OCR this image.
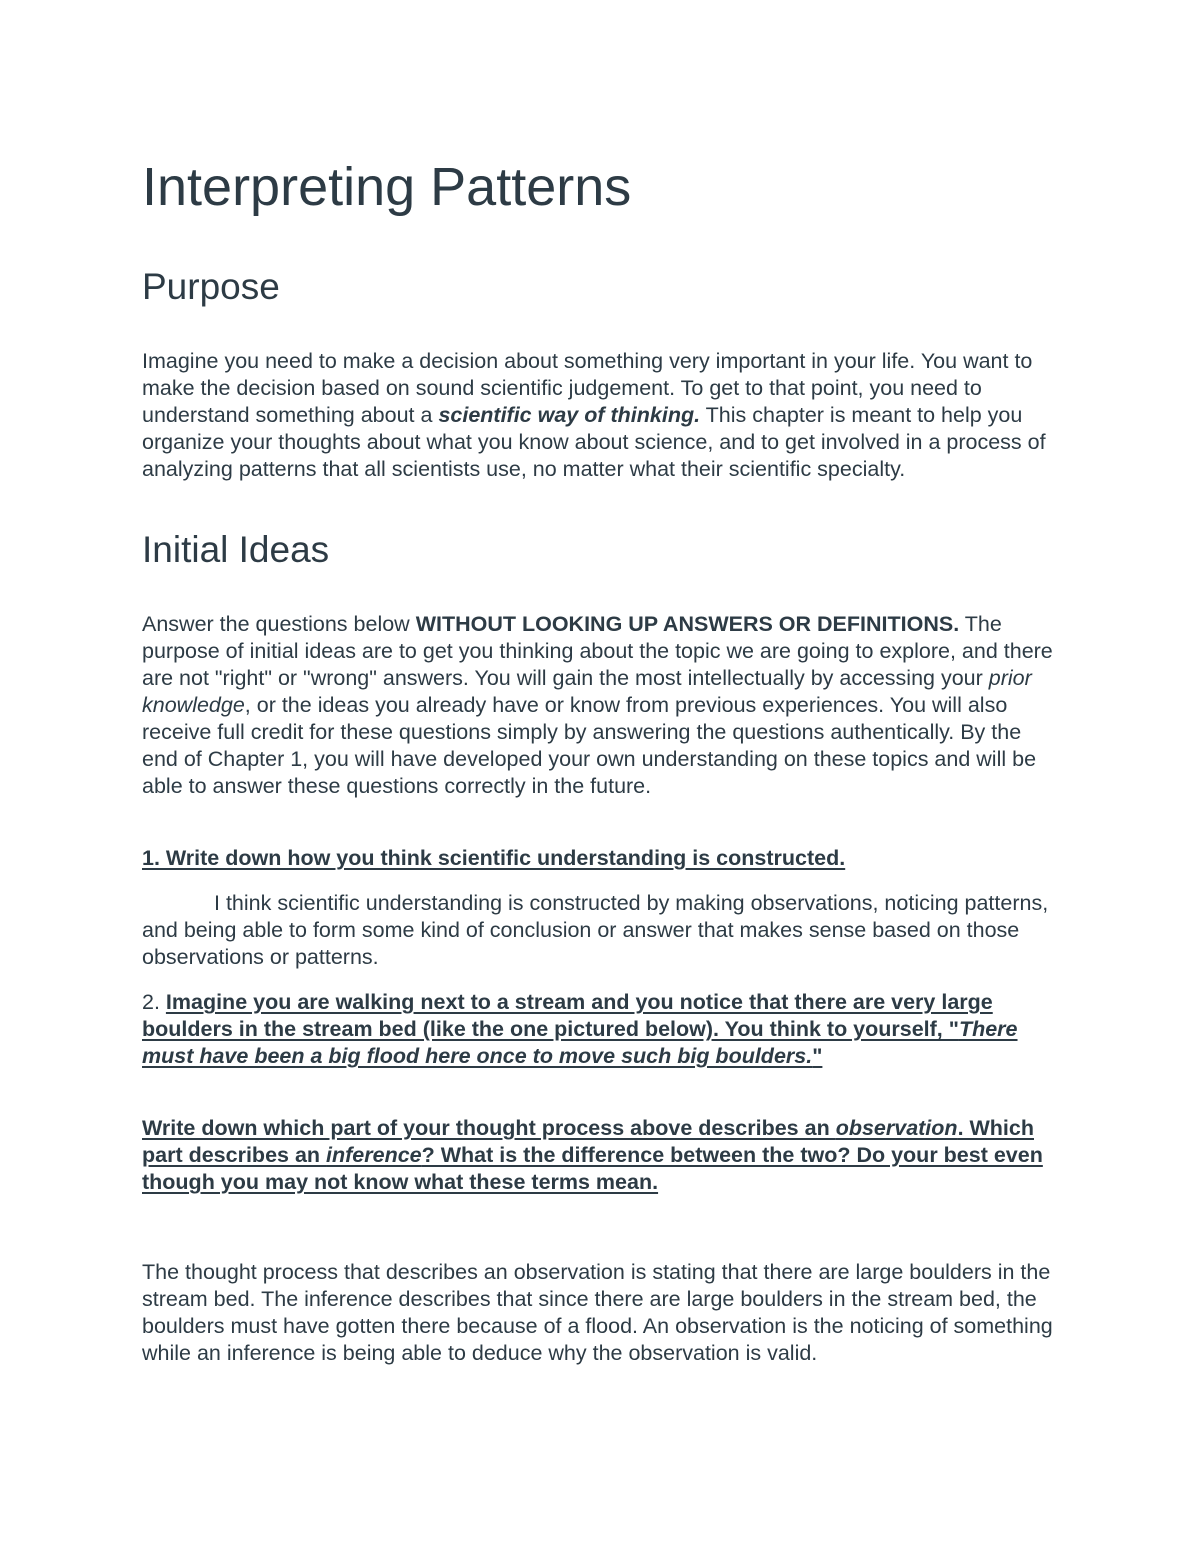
Interpreting Patterns
Purpose

Imagine you need to make a decision about something very important in your life. You want to make the decision based on sound scientific judgement. To get to that point, you need to understand something about a scientific way of thinking. This chapter is meant to help you organize your thoughts about what you know about science, and to get involved in a process of analyzing patterns that all scientists use, no matter what their scientific specialty.

Initial Ideas

Answer the questions below WITHOUT LOOKING UP ANSWERS OR DEFINITIONS. The purpose of initial ideas are to get you thinking about the topic we are going to explore, and there are not "right" or "wrong" answers. You will gain the most intellectually by accessing your prior knowledge, or the ideas you already have or know from previous experiences. You will also receive full credit for these questions simply by answering the questions authentically. By the end of Chapter 1, you will have developed your own understanding on these topics and will be able to answer these questions correctly in the future.

1. Write down how you think scientific understanding is constructed.

I think scientific understanding is constructed by making observations, noticing patterns, and being able to form some kind of conclusion or answer that makes sense based on those observations or patterns.

2. Imagine you are walking next to a stream and you notice that there are very large boulders in the stream bed (like the one pictured below). You think to yourself, "There must have been a big flood here once to move such big boulders."

Write down which part of your thought process above describes an observation. Which part describes an inference? What is the difference between the two? Do your best even though you may not know what these terms mean.

The thought process that describes an observation is stating that there are large boulders in the stream bed. The inference describes that since there are large boulders in the stream bed, the boulders must have gotten there because of a flood. An observation is the noticing of something while an inference is being able to deduce why the observation is valid.
